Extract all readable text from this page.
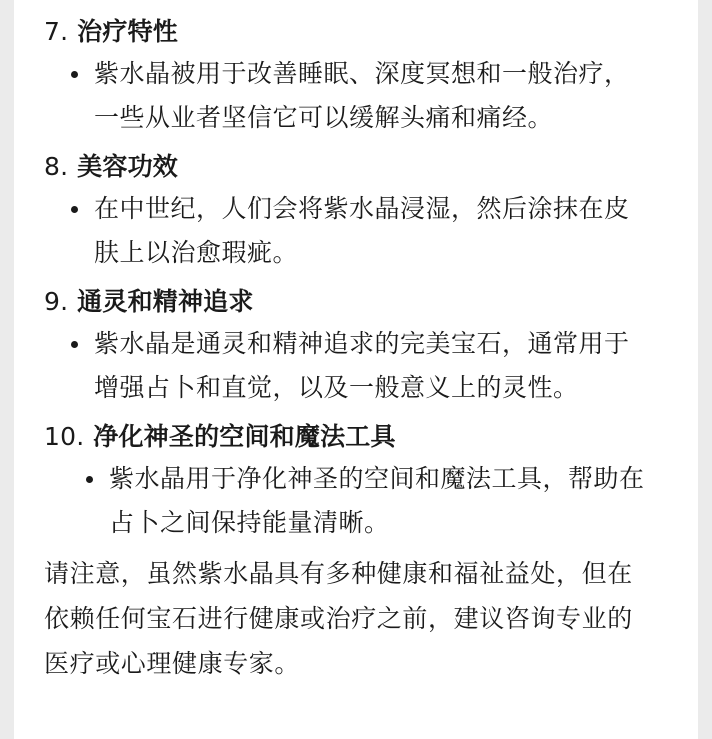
7. 治疗特性
紫水晶被用于改善睡眠、深度冥想和一般治疗，
一些从业者坚信它可以缓解头痛和痛经。
8. 美容功效
在中世纪，人们会将紫水晶浸湿，然后涂抹在皮
肤上以治愈瑕疵。
9. 通灵和精神追求
紫水晶是通灵和精神追求的完美宝石，通常用于
增强占卜和直觉，以及一般意义上的灵性。
10. 净化神圣的空间和魔法工具
紫水晶用于净化神圣的空间和魔法工具，帮助在
占卜之间保持能量清晰。
请注意，虽然紫水晶具有多种健康和福祉益处，但在
依赖任何宝石进行健康或治疗之前，建议咨询专业的
医疗或心理健康专家。
